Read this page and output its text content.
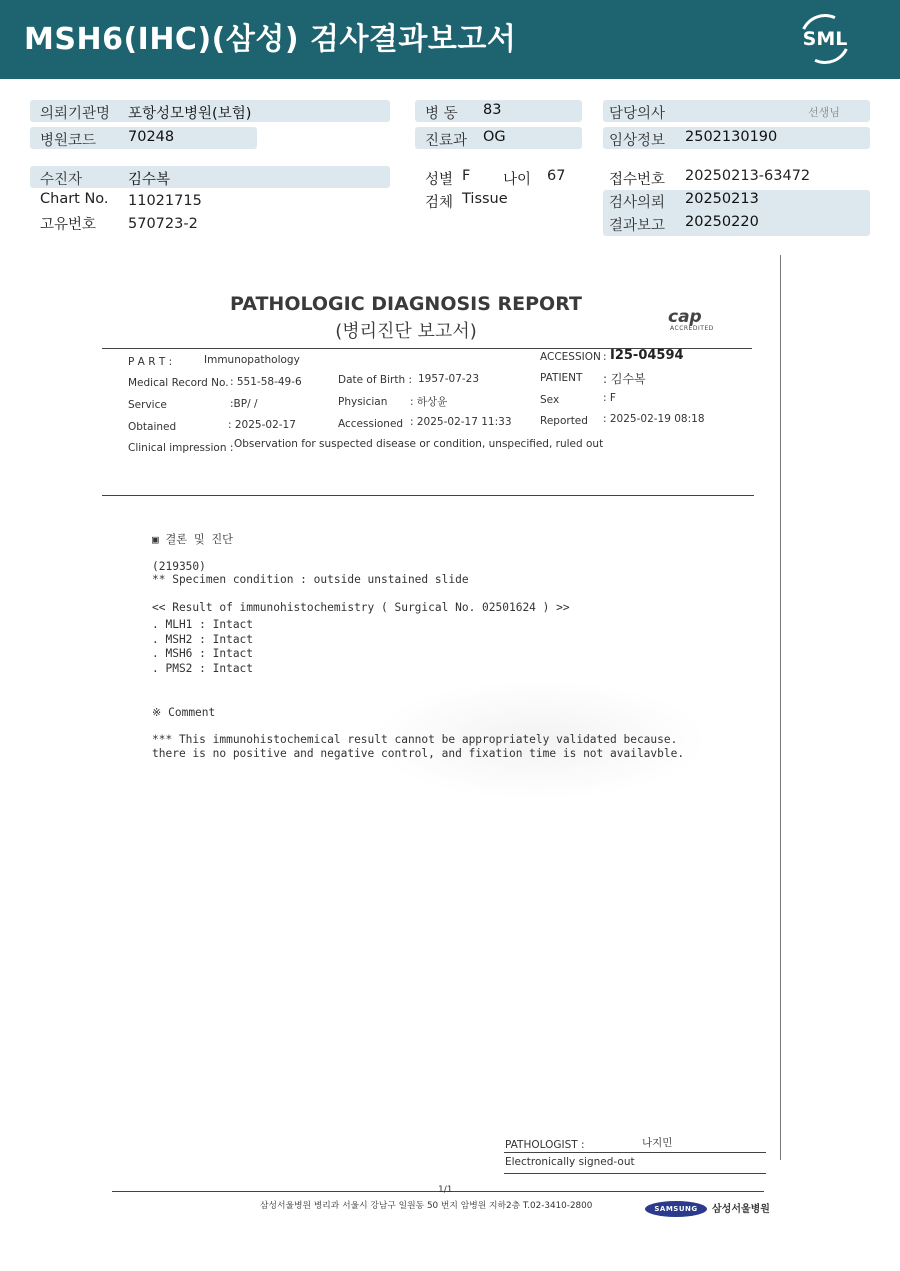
MSH6(IHC)(삼성) 검사결과보고서	SML
의뢰기관명 포항성모병원(보험)
병원코드 70248
수진자	김수복
Chart No. 11021715
고유번호 570723-2
병 동 83
진료과 OG
성별 F 나이 67
검체 Tissue
담당의사	선생님
임상정보 2502130190
접수번호 20250213-63472
검사의뢰 20250213
결과보고 20250220
PATHOLOGIC DIAGNOSIS REPORT
(병리진단 보고서)
cap
ACCREDITED
P A R T :	Immunopathology	ACCESSION : I25-04594
Medical Record No. : 551-58-49-6	Date of Birth : 1957-07-23	PATIENT : 김수복
Service	:BP/ /	Physician : 하상윤	Sex	: F
Obtained	: 2025-02-17	Accessioned : 2025-02-17 11:33	Reported : 2025-02-19 08:18
Clinical impression : Observation for suspected disease or condition, unspecified, ruled out
▣ 결론 및 진단
(219350)
** Specimen condition : outside unstained slide
<< Result of immunohistochemistry ( Surgical No. 02501624 ) >>
. MLH1 : Intact
. MSH2 : Intact
. MSH6 : Intact
. PMS2 : Intact
※ Comment
*** This immunohistochemical result cannot be appropriately validated because.
there is no positive and negative control, and fixation time is not availavble.
PATHOLOGIST :	나지민
Electronically signed-out
1/1
삼성서울병원 병리과 서울시 강남구 일원동 50 번지 암병원 지하2층 T.02-3410-2800	SAMSUNG	삼성서울병원
